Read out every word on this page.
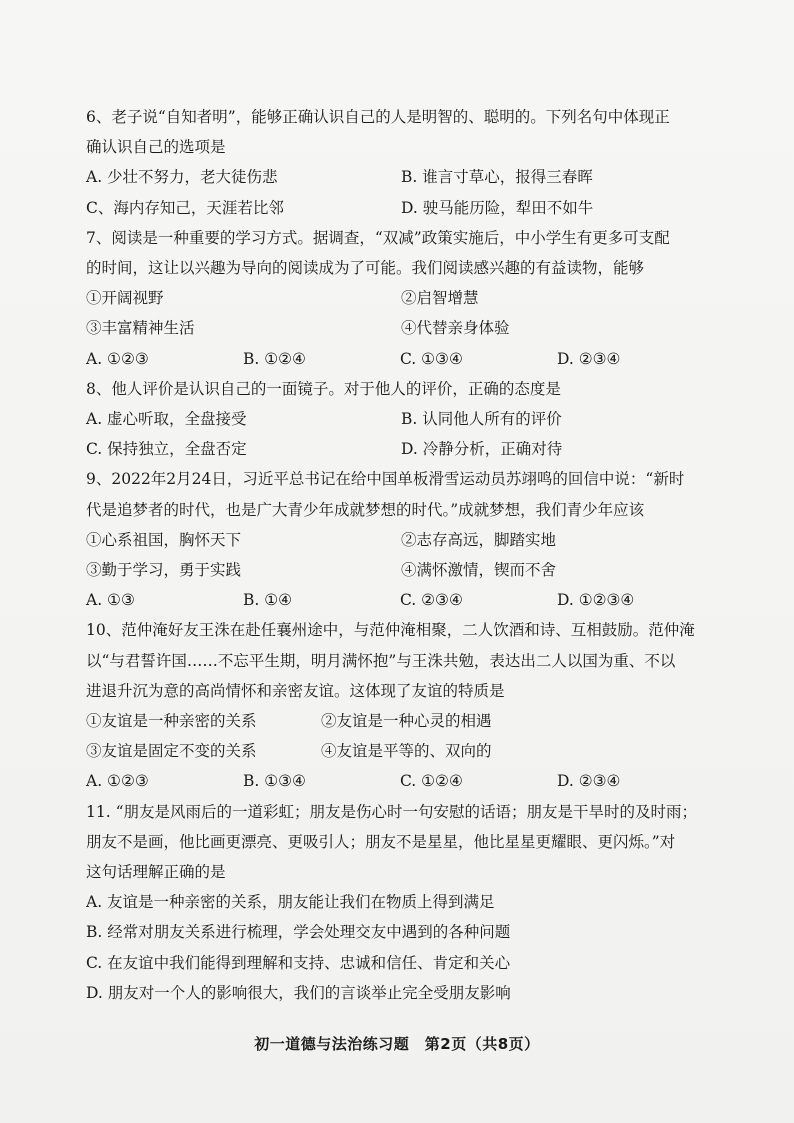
6、老子说“自知者明”，能够正确认识自己的人是明智的、聪明的。下列名句中体现正
确认识自己的选项是
A. 少壮不努力，老大徒伤悲	B. 谁言寸草心，报得三春晖
C、海内存知己，天涯若比邻	D. 驶马能历险，犁田不如牛
7、阅读是一种重要的学习方式。据调查，“双减”政策实施后，中小学生有更多可支配
的时间，这让以兴趣为导向的阅读成为了可能。我们阅读感兴趣的有益读物，能够
①开阔视野	②启智增慧
③丰富精神生活	④代替亲身体验
A. ①②③	B. ①②④	C. ①③④	D. ②③④
8、他人评价是认识自己的一面镜子。对于他人的评价，正确的态度是
A. 虚心听取，全盘接受	B. 认同他人所有的评价
C. 保持独立，全盘否定	D. 冷静分析，正确对待
9、2022年2月24日，习近平总书记在给中国单板滑雪运动员苏翊鸣的回信中说：“新时
代是追梦者的时代，也是广大青少年成就梦想的时代。”成就梦想，我们青少年应该
①心系祖国，胸怀天下	②志存高远，脚踏实地
③勤于学习，勇于实践	④满怀激情，锲而不舍
A. ①③	B. ①④	C. ②③④	D. ①②③④
10、范仲淹好友王洙在赴任襄州途中，与范仲淹相聚，二人饮酒和诗、互相鼓励。范仲淹
以“与君誓许国……不忘平生期，明月满怀抱”与王洙共勉，表达出二人以国为重、不以
进退升沉为意的高尚情怀和亲密友谊。这体现了友谊的特质是
①友谊是一种亲密的关系	②友谊是一种心灵的相遇
③友谊是固定不变的关系	④友谊是平等的、双向的
A. ①②③	B. ①③④	C. ①②④	D. ②③④
11. “朋友是风雨后的一道彩虹；朋友是伤心时一句安慰的话语；朋友是干旱时的及时雨；
朋友不是画，他比画更漂亮、更吸引人；朋友不是星星，他比星星更耀眼、更闪烁。”对
这句话理解正确的是
A. 友谊是一种亲密的关系，朋友能让我们在物质上得到满足
B. 经常对朋友关系进行梳理，学会处理交友中遇到的各种问题
C. 在友谊中我们能得到理解和支持、忠诚和信任、肯定和关心
D. 朋友对一个人的影响很大，我们的言谈举止完全受朋友影响
初一道德与法治练习题　第2页（共8页）
